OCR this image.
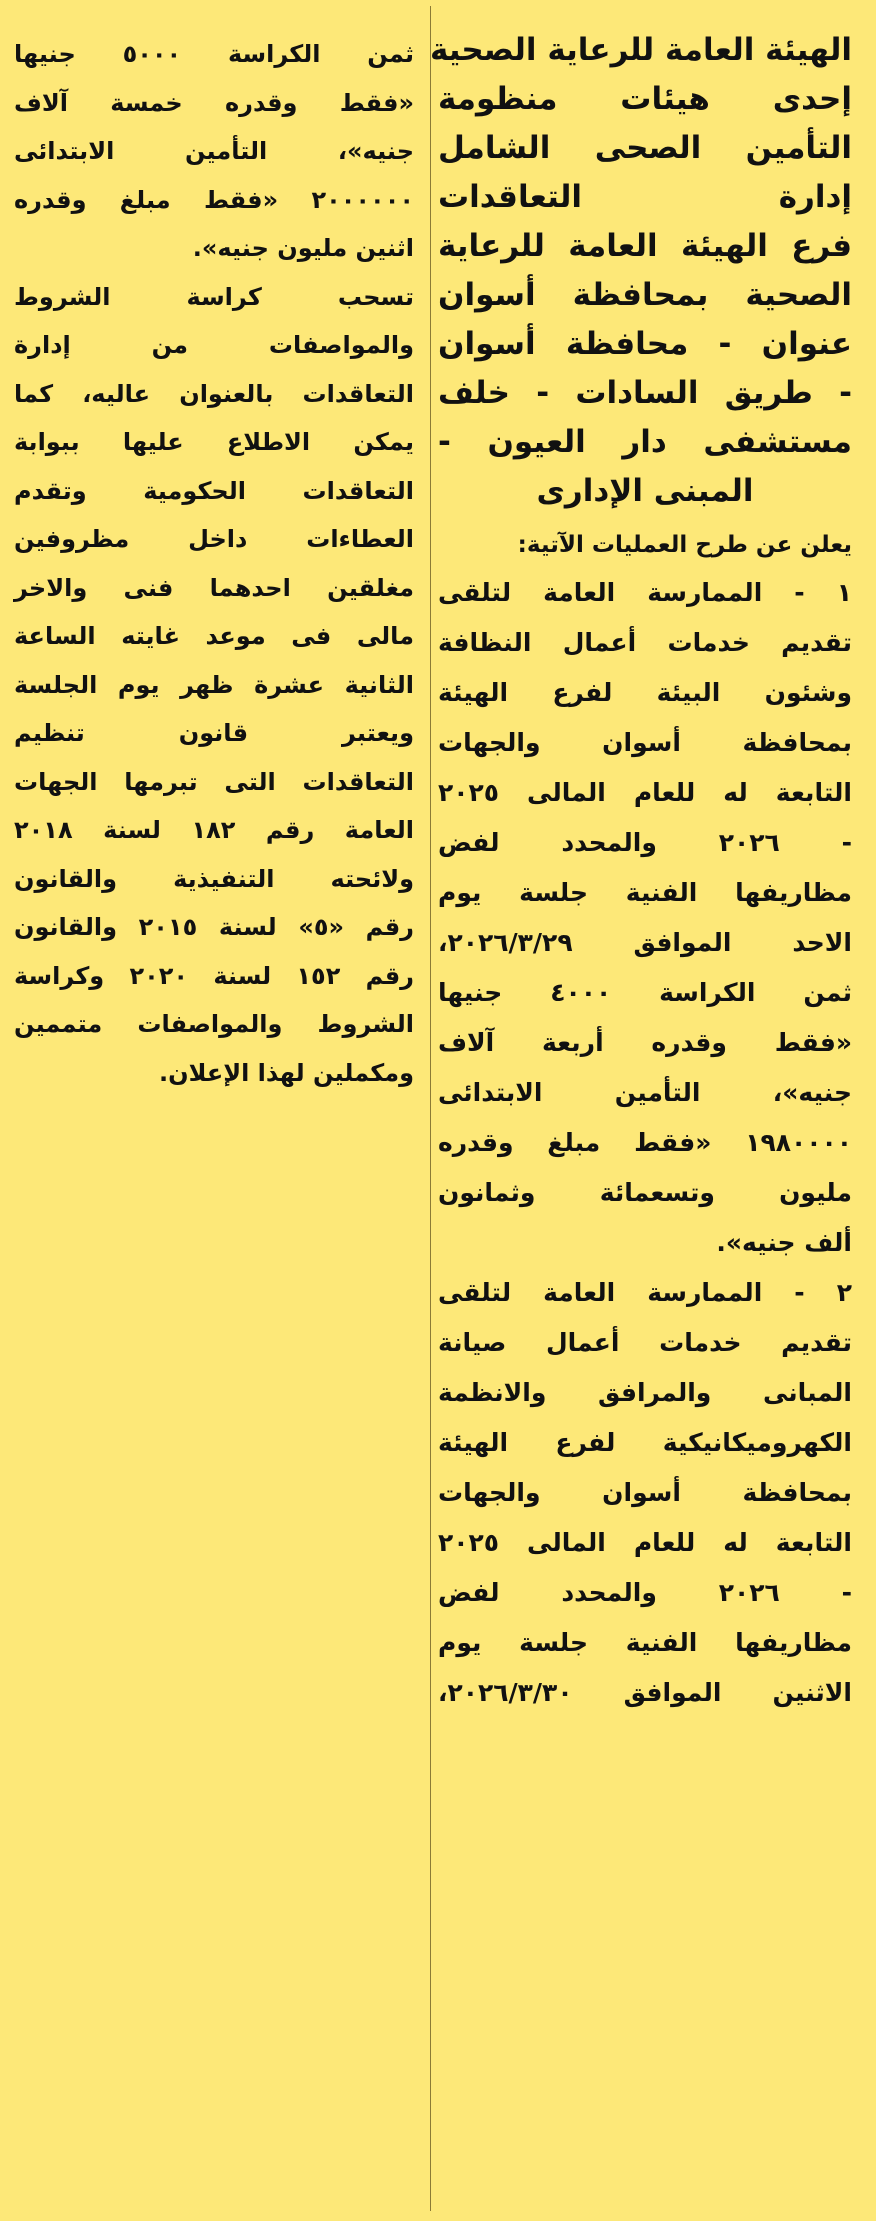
الهيئة العامة للرعاية الصحية
إحدى هيئات منظومة
التأمين الصحى الشامل
إدارة التعاقدات
فرع الهيئة العامة للرعاية
الصحية بمحافظة أسوان
عنوان - محافظة أسوان
- طريق السادات - خلف
مستشفى دار العيون -
المبنى الإدارى
يعلن عن طرح العمليات الآتية:
١ - الممارسة العامة لتلقى
تقديم خدمات أعمال النظافة
وشئون البيئة لفرع الهيئة
بمحافظة أسوان والجهات
التابعة له للعام المالى ٢٠٢٥
- ٢٠٢٦ والمحدد لفض
مظاريفها الفنية جلسة يوم
الاحد الموافق ٢٠٢٦/٣/٢٩،
ثمن الكراسة ٤٠٠٠ جنيها
«فقط وقدره أربعة آلاف
جنيه»، التأمين الابتدائى
١٩٨٠٠٠٠ «فقط مبلغ وقدره
مليون وتسعمائة وثمانون
ألف جنيه».
٢ - الممارسة العامة لتلقى
تقديم خدمات أعمال صيانة
المبانى والمرافق والانظمة
الكهروميكانيكية لفرع الهيئة
بمحافظة أسوان والجهات
التابعة له للعام المالى ٢٠٢٥
- ٢٠٢٦ والمحدد لفض
مظاريفها الفنية جلسة يوم
الاثنين الموافق ٢٠٢٦/٣/٣٠،
ثمن الكراسة ٥٠٠٠ جنيها
«فقط وقدره خمسة آلاف
جنيه»، التأمين الابتدائى
٢٠٠٠٠٠٠ «فقط مبلغ وقدره
اثنين مليون جنيه».
تسحب كراسة الشروط
والمواصفات من إدارة
التعاقدات بالعنوان عاليه، كما
يمكن الاطلاع عليها ببوابة
التعاقدات الحكومية وتقدم
العطاءات داخل مظروفين
مغلقين احدهما فنى والاخر
مالى فى موعد غايته الساعة
الثانية عشرة ظهر يوم الجلسة
ويعتبر قانون تنظيم
التعاقدات التى تبرمها الجهات
العامة رقم ١٨٢ لسنة ٢٠١٨
ولائحته التنفيذية والقانون
رقم «٥» لسنة ٢٠١٥ والقانون
رقم ١٥٢ لسنة ٢٠٢٠ وكراسة
الشروط والمواصفات متممين
ومكملين لهذا الإعلان.
